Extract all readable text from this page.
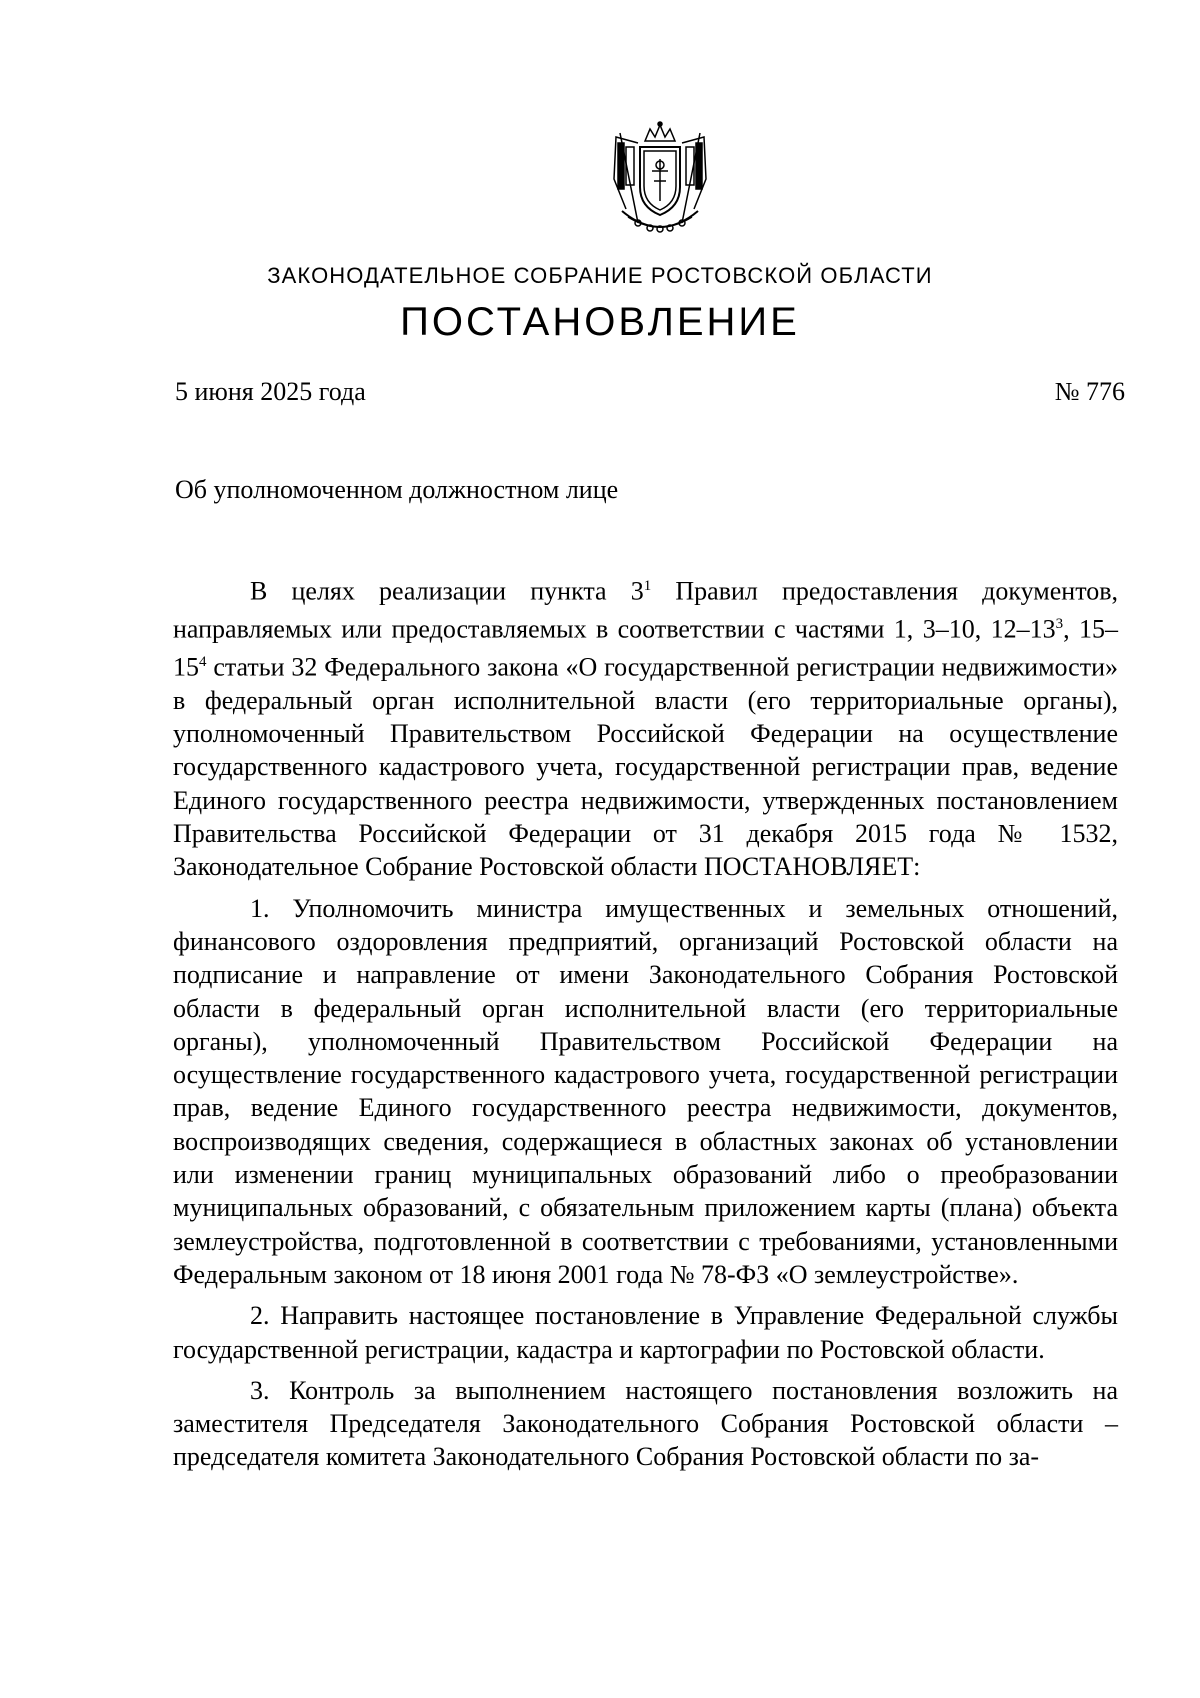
ЗАКОНОДАТЕЛЬНОЕ СОБРАНИЕ РОСТОВСКОЙ ОБЛАСТИ
ПОСТАНОВЛЕНИЕ
5 июня 2025 года	№ 776
Об уполномоченном должностном лице

В целях реализации пункта $3^1$ Правил предоставления документов, направляемых или предоставляемых в соответствии с частями 1, 3–10, $12-13^3$, $15-15^4$ статьи 32 Федерального закона «О государственной регистрации недвижимости» в федеральный орган исполнительной власти (его территориальные органы), уполномоченный Правительством Российской Федерации на осуществление государственного кадастрового учета, государственной регистрации прав, ведение Единого государственного реестра недвижимости, утвержденных постановлением Правительства Российской Федерации от 31 декабря 2015 года № 1532, Законодательное Собрание Ростовской области ПОСТАНОВЛЯЕТ:

1. Уполномочить министра имущественных и земельных отношений, финансового оздоровления предприятий, организаций Ростовской области на подписание и направление от имени Законодательного Собрания Ростовской области в федеральный орган исполнительной власти (его территориальные органы), уполномоченный Правительством Российской Федерации на осуществление государственного кадастрового учета, государственной регистрации прав, ведение Единого государственного реестра недвижимости, документов, воспроизводящих сведения, содержащиеся в областных законах об установлении или изменении границ муниципальных образований либо о преобразовании муниципальных образований, с обязательным приложением карты (плана) объекта землеустройства, подготовленной в соответствии с требованиями, установленными Федеральным законом от 18 июня 2001 года № 78-ФЗ «О землеустройстве».

2. Направить настоящее постановление в Управление Федеральной службы государственной регистрации, кадастра и картографии по Ростовской области.

3. Контроль за выполнением настоящего постановления возложить на заместителя Председателя Законодательного Собрания Ростовской области – председателя комитета Законодательного Собрания Ростовской области по за-
